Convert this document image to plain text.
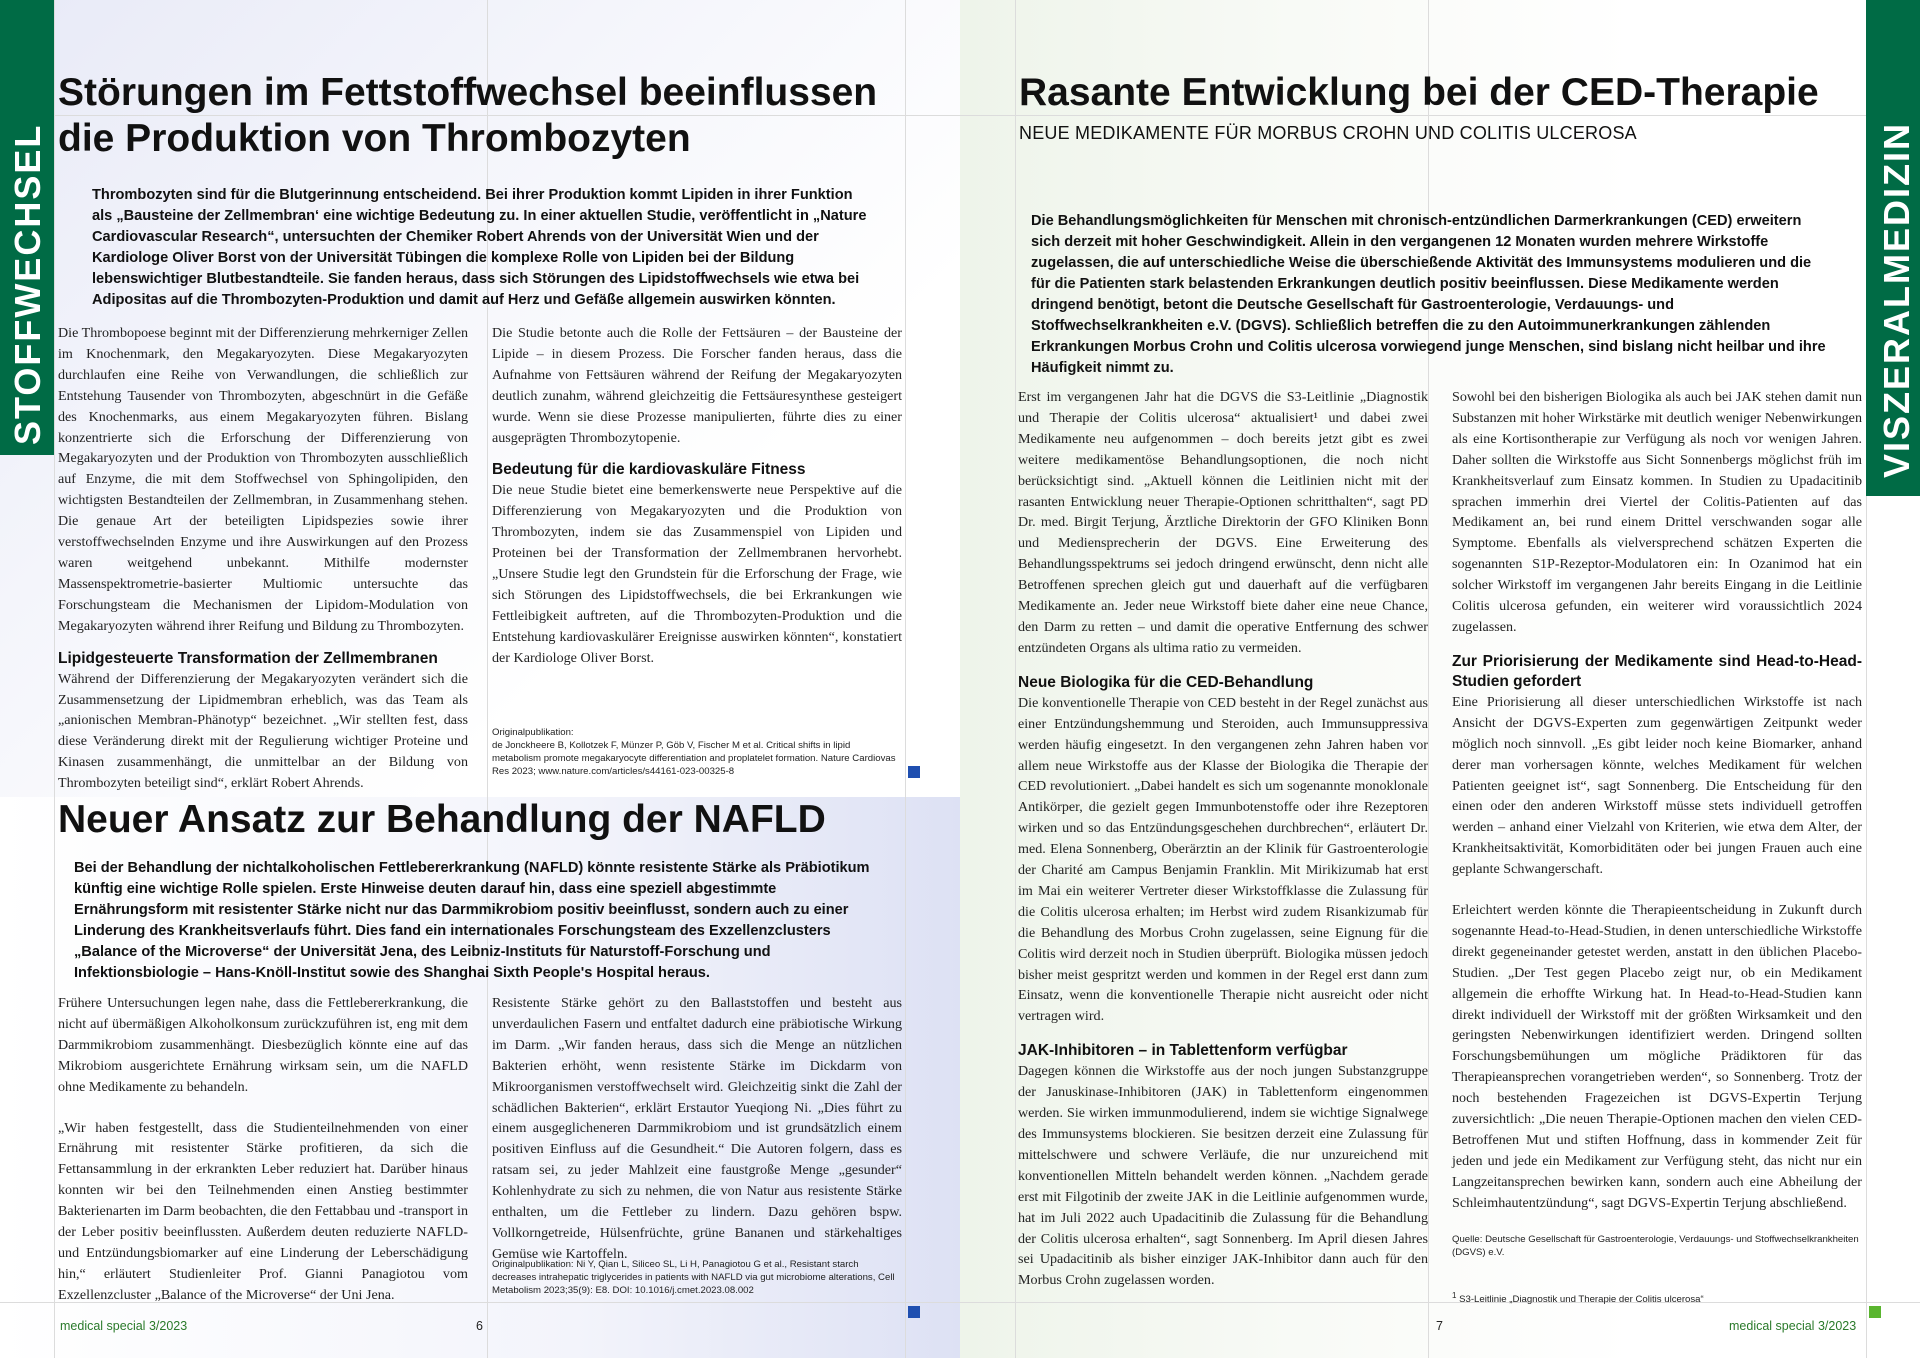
STOFFWECHSEL	VISZERALMEDIZIN
Störungen im Fettstoffwechsel beeinflussen die Produktion von Thrombozyten
Thrombozyten sind für die Blutgerinnung entscheidend. Bei ihrer Produktion kommt Lipiden in ihrer Funktion als „Bausteine der Zellmembran‘ eine wichtige Bedeutung zu. In einer aktuellen Studie, veröffentlicht in „Nature Cardiovascular Research“, untersuchten der Chemiker Robert Ahrends von der Universität Wien und der Kardiologe Oliver Borst von der Universität Tübingen die komplexe Rolle von Lipiden bei der Bildung lebenswichtiger Blutbestandteile. Sie fanden heraus, dass sich Störungen des Lipidstoffwechsels wie etwa bei Adipositas auf die Thrombozyten-Produktion und damit auf Herz und Gefäße allgemein auswirken könnten.

Die Thrombopoese beginnt mit der Differenzierung mehrkerniger Zellen im Knochenmark, den Megakaryozyten. Diese Megakaryozyten durchlaufen eine Reihe von Verwandlungen, die schließlich zur Entstehung Tausender von Thrombozyten, abgeschnürt in die Gefäße des Knochenmarks, aus einem Megakaryozyten führen. Bislang konzentrierte sich die Erforschung der Differenzierung von Megakaryozyten und der Produktion von Thrombozyten ausschließlich auf Enzyme, die mit dem Stoffwechsel von Sphingolipiden, den wichtigsten Bestandteilen der Zellmembran, in Zusammenhang stehen. Die genaue Art der beteiligten Lipidspezies sowie ihrer verstoffwechselnden Enzyme und ihre Auswirkungen auf den Prozess waren weitgehend unbekannt. Mithilfe modernster Massenspektrometrie-basierter Multiomic untersuchte das Forschungsteam die Mechanismen der Lipidom-Modulation von Megakaryozyten während ihrer Reifung und Bildung zu Thrombozyten.

Lipidgesteuerte Transformation der Zellmembranen

Während der Differenzierung der Megakaryozyten verändert sich die Zusammensetzung der Lipidmembran erheblich, was das Team als „anionischen Membran-Phänotyp“ bezeichnet. „Wir stellten fest, dass diese Veränderung direkt mit der Regulierung wichtiger Proteine und Kinasen zusammenhängt, die unmittelbar an der Bildung von Thrombozyten beteiligt sind“, erklärt Robert Ahrends.

Die Studie betonte auch die Rolle der Fettsäuren – der Bausteine der Lipide – in diesem Prozess. Die Forscher fanden heraus, dass die Aufnahme von Fettsäuren während der Reifung der Megakaryozyten deutlich zunahm, während gleichzeitig die Fettsäuresynthese gesteigert wurde. Wenn sie diese Prozesse manipulierten, führte dies zu einer ausgeprägten Thrombozytopenie.

Bedeutung für die kardiovaskuläre Fitness

Die neue Studie bietet eine bemerkenswerte neue Perspektive auf die Differenzierung von Megakaryozyten und die Produktion von Thrombozyten, indem sie das Zusammenspiel von Lipiden und Proteinen bei der Transformation der Zellmembranen hervorhebt. „Unsere Studie legt den Grundstein für die Erforschung der Frage, wie sich Störungen des Lipidstoffwechsels, die bei Erkrankungen wie Fettleibigkeit auftreten, auf die Thrombozyten-Produktion und die Entstehung kardiovaskulärer Ereignisse auswirken könnten“, konstatiert der Kardiologe Oliver Borst.

Originalpublikation:
de Jonckheere B, Kollotzek F, Münzer P, Göb V, Fischer M et al. Critical shifts in lipid metabolism promote megakaryocyte differentiation and proplatelet formation. Nature Cardiovas Res 2023; www.nature.com/articles/s44161-023-00325-8
Neuer Ansatz zur Behandlung der NAFLD
Bei der Behandlung der nichtalkoholischen Fettlebererkrankung (NAFLD) könnte resistente Stärke als Präbiotikum künftig eine wichtige Rolle spielen. Erste Hinweise deuten darauf hin, dass eine speziell abgestimmte Ernährungsform mit resistenter Stärke nicht nur das Darmmikrobiom positiv beeinflusst, sondern auch zu einer Linderung des Krankheitsverlaufs führt. Dies fand ein internationales Forschungsteam des Exzellenzclusters „Balance of the Microverse“ der Universität Jena, des Leibniz-Instituts für Naturstoff-Forschung und Infektionsbiologie – Hans-Knöll-Institut sowie des Shanghai Sixth People's Hospital heraus.

Frühere Untersuchungen legen nahe, dass die Fettlebererkrankung, die nicht auf übermäßigen Alkoholkonsum zurückzuführen ist, eng mit dem Darmmikrobiom zusammenhängt. Diesbezüglich könnte eine auf das Mikrobiom ausgerichtete Ernährung wirksam sein, um die NAFLD ohne Medikamente zu behandeln.

„Wir haben festgestellt, dass die Studienteilnehmenden von einer Ernährung mit resistenter Stärke profitieren, da sich die Fettansammlung in der erkrankten Leber reduziert hat. Darüber hinaus konnten wir bei den Teilnehmenden einen Anstieg bestimmter Bakterienarten im Darm beobachten, die den Fettabbau und -transport in der Leber positiv beeinflussten. Außerdem deuten reduzierte NAFLD- und Entzündungsbiomarker auf eine Linderung der Leberschädigung hin,“ erläutert Studienleiter Prof. Gianni Panagiotou vom Exzellenzcluster „Balance of the Microverse“ der Uni Jena.

Resistente Stärke gehört zu den Ballaststoffen und besteht aus unverdaulichen Fasern und entfaltet dadurch eine präbiotische Wirkung im Darm. „Wir fanden heraus, dass sich die Menge an nützlichen Bakterien erhöht, wenn resistente Stärke im Dickdarm von Mikroorganismen verstoffwechselt wird. Gleichzeitig sinkt die Zahl der schädlichen Bakterien“, erklärt Erstautor Yueqiong Ni. „Dies führt zu einem ausgeglicheneren Darmmikrobiom und ist grundsätzlich einem positiven Einfluss auf die Gesundheit.“ Die Autoren folgern, dass es ratsam sei, zu jeder Mahlzeit eine faustgroße Menge „gesunder“ Kohlenhydrate zu sich zu nehmen, die von Natur aus resistente Stärke enthalten, um die Fettleber zu lindern. Dazu gehören bspw. Vollkorngetreide, Hülsenfrüchte, grüne Bananen und stärkehaltiges Gemüse wie Kartoffeln.

Originalpublikation: Ni Y, Qian L, Siliceo SL, Li H, Panagiotou G et al., Resistant starch decreases intrahepatic triglycerides in patients with NAFLD via gut microbiome alterations, Cell Metabolism 2023;35(9): E8. DOI: 10.1016/j.cmet.2023.08.002
medical special 3/2023	6
Rasante Entwicklung bei der CED-Therapie
NEUE MEDIKAMENTE FÜR MORBUS CROHN UND COLITIS ULCEROSA
Die Behandlungsmöglichkeiten für Menschen mit chronisch-entzündlichen Darmerkrankungen (CED) erweitern sich derzeit mit hoher Geschwindigkeit. Allein in den vergangenen 12 Monaten wurden mehrere Wirkstoffe zugelassen, die auf unterschiedliche Weise die überschießende Aktivität des Immunsystems modulieren und die für die Patienten stark belastenden Erkrankungen deutlich positiv beeinflussen. Diese Medikamente werden dringend benötigt, betont die Deutsche Gesellschaft für Gastroenterologie, Verdauungs- und Stoffwechselkrankheiten e.V. (DGVS). Schließlich betreffen die zu den Autoimmunerkrankungen zählenden Erkrankungen Morbus Crohn und Colitis ulcerosa vorwiegend junge Menschen, sind bislang nicht heilbar und ihre Häufigkeit nimmt zu.

Erst im vergangenen Jahr hat die DGVS die S3-Leitlinie „Diagnostik und Therapie der Colitis ulcerosa“ aktualisiert¹ und dabei zwei Medikamente neu aufgenommen – doch bereits jetzt gibt es zwei weitere medikamentöse Behandlungsoptionen, die noch nicht berücksichtigt sind. „Aktuell können die Leitlinien nicht mit der rasanten Entwicklung neuer Therapie-Optionen schritthalten“, sagt PD Dr. med. Birgit Terjung, Ärztliche Direktorin der GFO Kliniken Bonn und Mediensprecherin der DGVS. Eine Erweiterung des Behandlungsspektrums sei jedoch dringend erwünscht, denn nicht alle Betroffenen sprechen gleich gut und dauerhaft auf die verfügbaren Medikamente an. Jeder neue Wirkstoff biete daher eine neue Chance, den Darm zu retten – und damit die operative Entfernung des schwer entzündeten Organs als ultima ratio zu vermeiden.

Neue Biologika für die CED-Behandlung

Die konventionelle Therapie von CED besteht in der Regel zunächst aus einer Entzündungshemmung und Steroiden, auch Immunsuppressiva werden häufig eingesetzt. In den vergangenen zehn Jahren haben vor allem neue Wirkstoffe aus der Klasse der Biologika die Therapie der CED revolutioniert. „Dabei handelt es sich um sogenannte monoklonale Antikörper, die gezielt gegen Immunbotenstoffe oder ihre Rezeptoren wirken und so das Entzündungsgeschehen durchbrechen“, erläutert Dr. med. Elena Sonnenberg, Oberärztin an der Klinik für Gastroenterologie der Charité am Campus Benjamin Franklin. Mit Mirikizumab hat erst im Mai ein weiterer Vertreter dieser Wirkstoffklasse die Zulassung für die Colitis ulcerosa erhalten; im Herbst wird zudem Risankizumab für die Behandlung des Morbus Crohn zugelassen, seine Eignung für die Colitis wird derzeit noch in Studien überprüft. Biologika müssen jedoch bisher meist gespritzt werden und kommen in der Regel erst dann zum Einsatz, wenn die konventionelle Therapie nicht ausreicht oder nicht vertragen wird.

JAK-Inhibitoren – in Tablettenform verfügbar

Dagegen können die Wirkstoffe aus der noch jungen Substanzgruppe der Januskinase-Inhibitoren (JAK) in Tablettenform eingenommen werden. Sie wirken immunmodulierend, indem sie wichtige Signalwege des Immunsystems blockieren. Sie besitzen derzeit eine Zulassung für mittelschwere und schwere Verläufe, die nur unzureichend mit konventionellen Mitteln behandelt werden können. „Nachdem gerade erst mit Filgotinib der zweite JAK in die Leitlinie aufgenommen wurde, hat im Juli 2022 auch Upadacitinib die Zulassung für die Behandlung der Colitis ulcerosa erhalten“, sagt Sonnenberg. Im April diesen Jahres sei Upadacitinib als bisher einziger JAK-Inhibitor dann auch für den Morbus Crohn zugelassen worden.

Sowohl bei den bisherigen Biologika als auch bei JAK stehen damit nun Substanzen mit hoher Wirkstärke mit deutlich weniger Nebenwirkungen als eine Kortisontherapie zur Verfügung als noch vor wenigen Jahren. Daher sollten die Wirkstoffe aus Sicht Sonnenbergs möglichst früh im Krankheitsverlauf zum Einsatz kommen. In Studien zu Upadacitinib sprachen immerhin drei Viertel der Colitis-Patienten auf das Medikament an, bei rund einem Drittel verschwanden sogar alle Symptome. Ebenfalls als vielversprechend schätzen Experten die sogenannten S1P-Rezeptor-Modulatoren ein: In Ozanimod hat ein solcher Wirkstoff im vergangenen Jahr bereits Eingang in die Leitlinie Colitis ulcerosa gefunden, ein weiterer wird voraussichtlich 2024 zugelassen.

Zur Priorisierung der Medikamente sind Head-to-Head-Studien gefordert

Eine Priorisierung all dieser unterschiedlichen Wirkstoffe ist nach Ansicht der DGVS-Experten zum gegenwärtigen Zeitpunkt weder möglich noch sinnvoll. „Es gibt leider noch keine Biomarker, anhand derer man vorhersagen könnte, welches Medikament für welchen Patienten geeignet ist“, sagt Sonnenberg. Die Entscheidung für den einen oder den anderen Wirkstoff müsse stets individuell getroffen werden – anhand einer Vielzahl von Kriterien, wie etwa dem Alter, der Krankheitsaktivität, Komorbiditäten oder bei jungen Frauen auch eine geplante Schwangerschaft.

Erleichtert werden könnte die Therapieentscheidung in Zukunft durch sogenannte Head-to-Head-Studien, in denen unterschiedliche Wirkstoffe direkt gegeneinander getestet werden, anstatt in den üblichen Placebo-Studien. „Der Test gegen Placebo zeigt nur, ob ein Medikament allgemein die erhoffte Wirkung hat. In Head-to-Head-Studien kann direkt individuell der Wirkstoff mit der größten Wirksamkeit und den geringsten Nebenwirkungen identifiziert werden. Dringend sollten Forschungsbemühungen um mögliche Prädiktoren für das Therapieansprechen vorangetrieben werden“, so Sonnenberg. Trotz der noch bestehenden Fragezeichen ist DGVS-Expertin Terjung zuversichtlich: „Die neuen Therapie-Optionen machen den vielen CED-Betroffenen Mut und stiften Hoffnung, dass in kommender Zeit für jeden und jede ein Medikament zur Verfügung steht, das nicht nur ein Langzeitansprechen bewirken kann, sondern auch eine Abheilung der Schleimhautentzündung“, sagt DGVS-Expertin Terjung abschließend.

Quelle: Deutsche Gesellschaft für Gastroenterologie, Verdauungs- und Stoffwechselkrankheiten (DGVS) e.V.
$^1$ S3-Leitlinie „Diagnostik und Therapie der Colitis ulcerosa“
7	medical special 3/2023
